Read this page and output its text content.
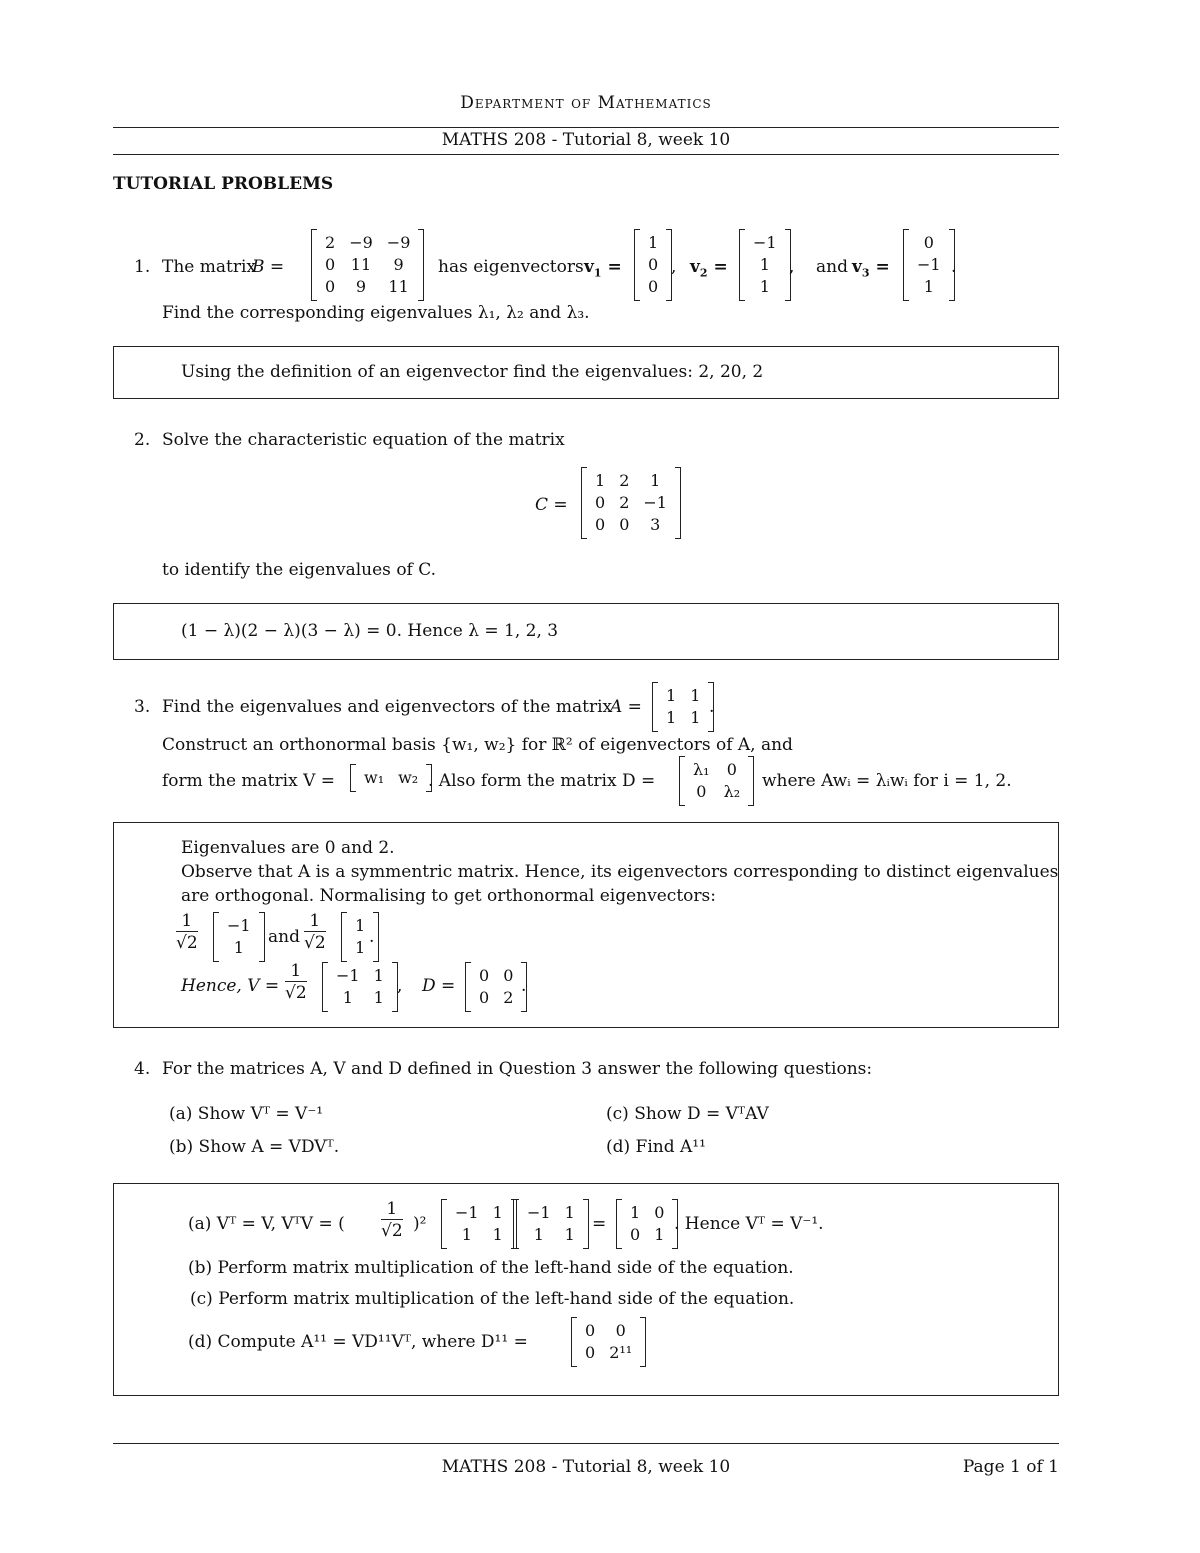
Department of Mathematics
MATHS 208 - Tutorial 8, week 10
TUTORIAL PROBLEMS
1. The matrix
B =
2	−9	−9
0	11	9
0	9	11
has eigenvectors $v_1$ =
1
0
0
, $v_2$ =
−1
1
1
, and $v_3$ =
0
−1
1
.
Find the corresponding eigenvalues λ₁, λ₂ and λ₃.
Using the definition of an eigenvector find the eigenvalues: 2, 20, 2
2. Solve the characteristic equation of the matrix
C =
1	2	1
0	2	−1
0	0	3
to identify the eigenvalues of C.
(1 − λ)(2 − λ)(3 − λ) = 0. Hence λ = 1, 2, 3
3. Find the eigenvalues and eigenvectors of the matrix
A =
1	1
1	1
.
Construct an orthonormal basis {w₁, w₂} for ℝ² of eigenvectors of A, and
form the matrix V = w₁	w₂ . Also form the matrix D =
λ₁	0
0	λ₂
where Awᵢ = λᵢwᵢ for i = 1, 2.
Eigenvalues are 0 and 2.
Observe that A is a symmentric matrix. Hence, its eigenvectors corresponding to distinct eigenvalues
are orthogonal. Normalising to get orthonormal eigenvectors:
$\frac{1}{√2} -1$
1
and $\frac{1}{√2} 1$
1
.
Hence, $V = \frac{1}{√2} -1$	1
1	1
, D =
0	0
0	2
.
4. For the matrices A, V and D defined in Question 3 answer the following questions:
(a) Show Vᵀ = V⁻¹
(b) Show A = VDVᵀ.
(c) Show D = VᵀAV
(d) Find A¹¹
(a) Vᵀ = V, VᵀV = ( $\frac{1}{√2} )^2$
−1	1
1	1
−1	1
1	1
=
1	0
0	1
. Hence Vᵀ = V⁻¹.
(b) Perform matrix multiplication of the left-hand side of the equation.
(c) Perform matrix multiplication of the left-hand side of the equation.
(d) Compute A¹¹ = VD¹¹Vᵀ, where D¹¹ =
0	0
0	2¹¹
MATHS 208 - Tutorial 8, week 10	Page 1 of 1
